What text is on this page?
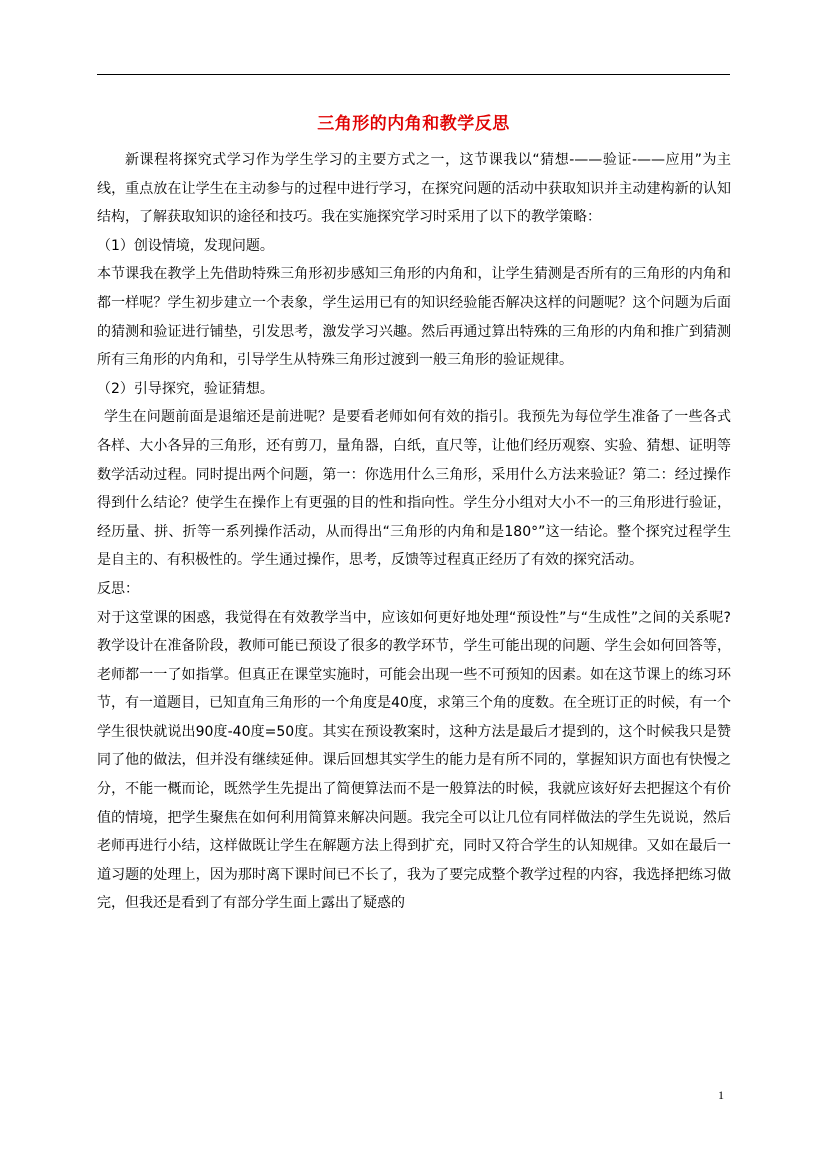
三角形的内角和教学反思

新课程将探究式学习作为学生学习的主要方式之一，这节课我以“猜想-——验证-——应用”为主线，重点放在让学生在主动参与的过程中进行学习，在探究问题的活动中获取知识并主动建构新的认知结构，了解获取知识的途径和技巧。我在实施探究学习时采用了以下的教学策略：

（1）创设情境，发现问题。

本节课我在教学上先借助特殊三角形初步感知三角形的内角和，让学生猜测是否所有的三角形的内角和都一样呢？学生初步建立一个表象，学生运用已有的知识经验能否解决这样的问题呢？这个问题为后面的猜测和验证进行铺垫，引发思考，激发学习兴趣。然后再通过算出特殊的三角形的内角和推广到猜测所有三角形的内角和，引导学生从特殊三角形过渡到一般三角形的验证规律。

（2）引导探究，验证猜想。

学生在问题前面是退缩还是前进呢？是要看老师如何有效的指引。我预先为每位学生准备了一些各式各样、大小各异的三角形，还有剪刀，量角器，白纸，直尺等，让他们经历观察、实验、猜想、证明等数学活动过程。同时提出两个问题，第一：你选用什么三角形，采用什么方法来验证？第二：经过操作得到什么结论？使学生在操作上有更强的目的性和指向性。学生分小组对大小不一的三角形进行验证，经历量、拼、折等一系列操作活动，从而得出“三角形的内角和是180°”这一结论。整个探究过程学生是自主的、有积极性的。学生通过操作，思考，反馈等过程真正经历了有效的探究活动。

反思：

对于这堂课的困惑，我觉得在有效教学当中，应该如何更好地处理“预设性”与“生成性”之间的关系呢?教学设计在准备阶段，教师可能已预设了很多的教学环节，学生可能出现的问题、学生会如何回答等，老师都一一了如指掌。但真正在课堂实施时，可能会出现一些不可预知的因素。如在这节课上的练习环节，有一道题目，已知直角三角形的一个角度是40度，求第三个角的度数。在全班订正的时候，有一个学生很快就说出90度-40度=50度。其实在预设教案时，这种方法是最后才提到的，这个时候我只是赞同了他的做法，但并没有继续延伸。课后回想其实学生的能力是有所不同的，掌握知识方面也有快慢之分，不能一概而论，既然学生先提出了简便算法而不是一般算法的时候，我就应该好好去把握这个有价值的情境，把学生聚焦在如何利用简算来解决问题。我完全可以让几位有同样做法的学生先说说，然后老师再进行小结，这样做既让学生在解题方法上得到扩充，同时又符合学生的认知规律。又如在最后一道习题的处理上，因为那时离下课时间已不长了，我为了要完成整个教学过程的内容，我选择把练习做完，但我还是看到了有部分学生面上露出了疑惑的

1
